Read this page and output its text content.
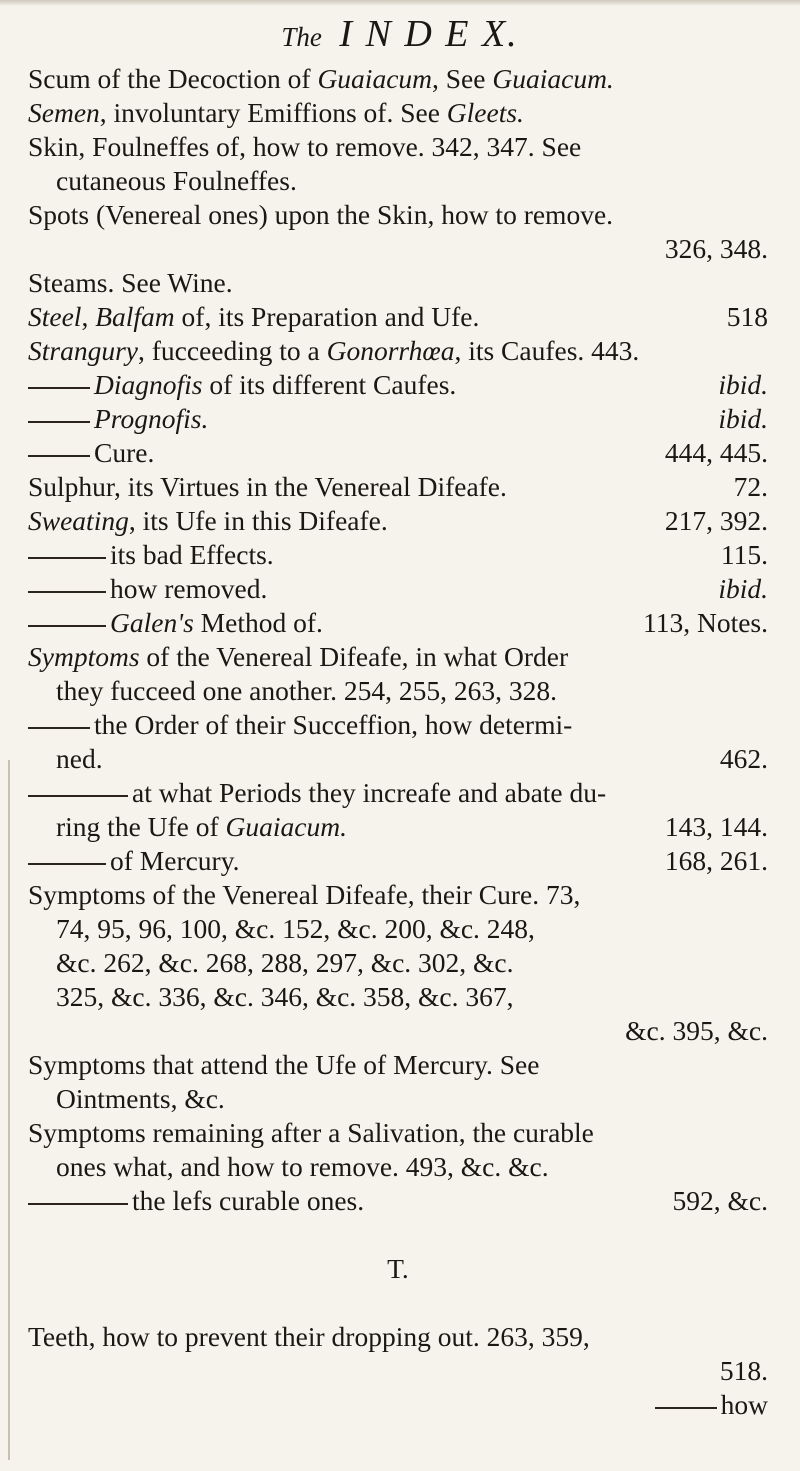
The I N D E X.
Scum of the Decoction of Guaiacum, See Guaiacum.
Semen, involuntary Emiffions of. See Gleets.
Skin, Foulneffes of, how to remove. 342, 347. See
cutaneous Foulneffes.
Spots (Venereal ones) upon the Skin, how to remove.
326, 348.
Steams. See Wine.
Steel, Balfam of, its Preparation and Ufe.	518
Strangury, fucceeding to a Gonorrhœa, its Caufes. 443.
Diagnofis of its different Caufes.	ibid.
Prognofis.	ibid.
Cure.	444, 445.
Sulphur, its Virtues in the Venereal Difeafe.	72.
Sweating, its Ufe in this Difeafe.	217, 392.
its bad Effects.	115.
how removed.	ibid.
Galen's Method of.	113, Notes.
Symptoms of the Venereal Difeafe, in what Order
they fucceed one another. 254, 255, 263, 328.
the Order of their Succeffion, how determi-
ned.	462.
at what Periods they increafe and abate du-
ring the Ufe of Guaiacum.	143, 144.
of Mercury.	168, 261.
Symptoms of the Venereal Difeafe, their Cure. 73,
74, 95, 96, 100, &c. 152, &c. 200, &c. 248,
&c. 262, &c. 268, 288, 297, &c. 302, &c.
325, &c. 336, &c. 346, &c. 358, &c. 367,
&c. 395, &c.
Symptoms that attend the Ufe of Mercury. See
Ointments, &c.
Symptoms remaining after a Salivation, the curable
ones what, and how to remove. 493, &c. &c.
the lefs curable ones.	592, &c.
T.
Teeth, how to prevent their dropping out. 263, 359,
518.
how
